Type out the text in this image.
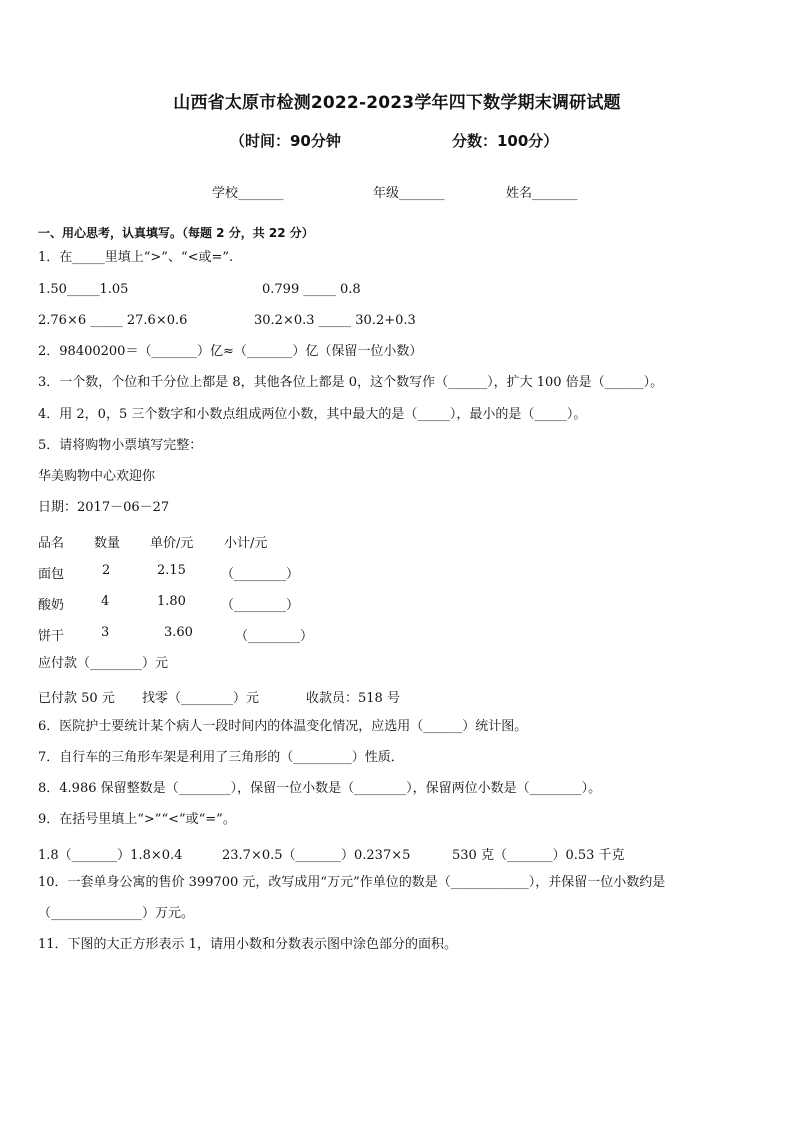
山西省太原市检测2022-2023学年四下数学期末调研试题
（时间：90分钟	分数：100分）
学校_______	年级_______	姓名_______
一、用心思考，认真填写。（每题 2 分，共 22 分）
1．在_____里填上“>”、“<或=”.
1.50_____1.05	0.799 _____ 0.8
2.76×6 _____ 27.6×0.6	30.2×0.3 _____ 30.2+0.3
2．98400200＝（_______）亿≈（_______）亿（保留一位小数）
3．一个数，个位和千分位上都是 8，其他各位上都是 0，这个数写作（______），扩大 100 倍是（______）。
4．用 2，0，5 三个数字和小数点组成两位小数，其中最大的是（_____），最小的是（_____）。
5．请将购物小票填写完整：
华美购物中心欢迎你
日期：2017－06－27
品名 数量 单价/元 小计/元
面包	2	2.15	（________）
酸奶	4	1.80	（________）
饼干	3	3.60	（________）
应付款（________）元
已付款 50 元 找零（________）元	收款员：518 号
6．医院护士要统计某个病人一段时间内的体温变化情况，应选用（______）统计图。
7．自行车的三角形车架是利用了三角形的（_________）性质．
8．4.986 保留整数是（________），保留一位小数是（________），保留两位小数是（________）。
9．在括号里填上“>”“<”或“=”。
1.8（_______）1.8×0.4	23.7×0.5（_______）0.237×5	530 克（_______）0.53 千克
10．一套单身公寓的售价 399700 元，改写成用“万元”作单位的数是（____________），并保留一位小数约是
（______________）万元。
11．下图的大正方形表示 1，请用小数和分数表示图中涂色部分的面积。
